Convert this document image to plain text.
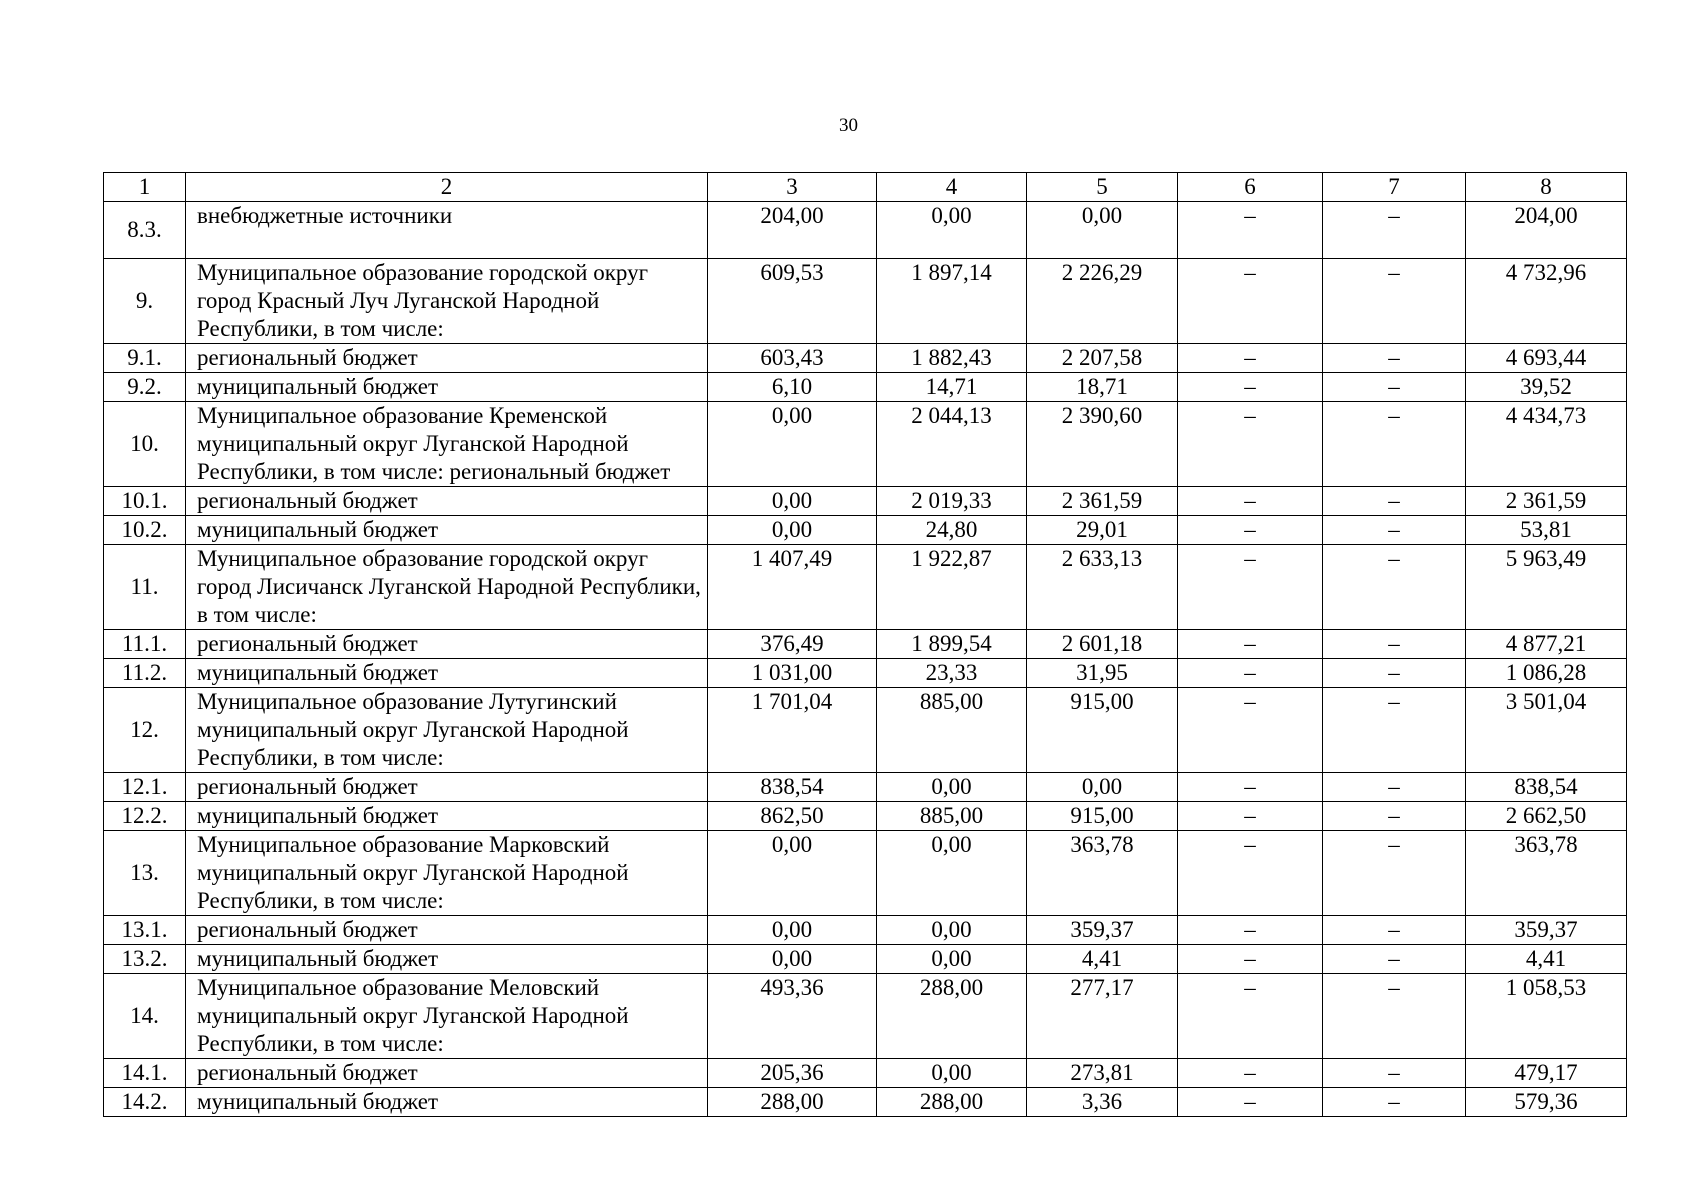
30
1	2	3	4	5	6	7	8
8.3.	внебюджетные источники	204,00	0,00	0,00	–	–	204,00
9.	Муниципальное образование городской округ город Красный Луч Луганской Народной Республики, в том числе:	609,53	1 897,14	2 226,29	–	–	4 732,96
9.1.	региональный бюджет	603,43	1 882,43	2 207,58	–	–	4 693,44
9.2.	муниципальный бюджет	6,10	14,71	18,71	–	–	39,52
10.	Муниципальное образование Кременской муниципальный округ Луганской Народной Республики, в том числе: региональный бюджет	0,00	2 044,13	2 390,60	–	–	4 434,73
10.1.	региональный бюджет	0,00	2 019,33	2 361,59	–	–	2 361,59
10.2.	муниципальный бюджет	0,00	24,80	29,01	–	–	53,81
11.	Муниципальное образование городской округ город Лисичанск Луганской Народной Республики, в том числе:	1 407,49	1 922,87	2 633,13	–	–	5 963,49
11.1.	региональный бюджет	376,49	1 899,54	2 601,18	–	–	4 877,21
11.2.	муниципальный бюджет	1 031,00	23,33	31,95	–	–	1 086,28
12.	Муниципальное образование Лутугинский муниципальный округ Луганской Народной Республики, в том числе:	1 701,04	885,00	915,00	–	–	3 501,04
12.1.	региональный бюджет	838,54	0,00	0,00	–	–	838,54
12.2.	муниципальный бюджет	862,50	885,00	915,00	–	–	2 662,50
13.	Муниципальное образование Марковский муниципальный округ Луганской Народной Республики, в том числе:	0,00	0,00	363,78	–	–	363,78
13.1.	региональный бюджет	0,00	0,00	359,37	–	–	359,37
13.2.	муниципальный бюджет	0,00	0,00	4,41	–	–	4,41
14.	Муниципальное образование Меловский муниципальный округ Луганской Народной Республики, в том числе:	493,36	288,00	277,17	–	–	1 058,53
14.1.	региональный бюджет	205,36	0,00	273,81	–	–	479,17
14.2.	муниципальный бюджет	288,00	288,00	3,36	–	–	579,36
